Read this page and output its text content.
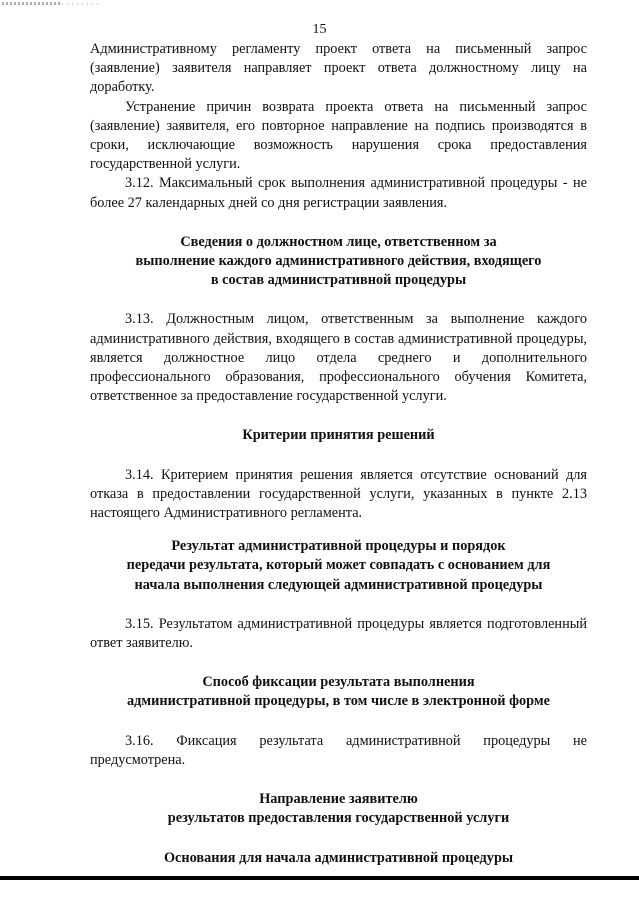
15

Административному регламенту проект ответа на письменный запрос (заявление) заявителя направляет проект ответа должностному лицу на доработку.

Устранение причин возврата проекта ответа на письменный запрос (заявление) заявителя, его повторное направление на подпись производятся в сроки, исключающие возможность нарушения срока предоставления государственной услуги.

3.12. Максимальный срок выполнения административной процедуры - не более 27 календарных дней со дня регистрации заявления.

Сведения о должностном лице, ответственном за
выполнение каждого административного действия, входящего
в состав административной процедуры

3.13. Должностным лицом, ответственным за выполнение каждого административного действия, входящего в состав административной процедуры, является должностное лицо отдела среднего и дополнительного профессионального образования, профессионального обучения Комитета, ответственное за предоставление государственной услуги.

Критерии принятия решений

3.14. Критерием принятия решения является отсутствие оснований для отказа в предоставлении государственной услуги, указанных в пункте 2.13 настоящего Административного регламента.

Результат административной процедуры и порядок
передачи результата, который может совпадать с основанием для
начала выполнения следующей административной процедуры

3.15. Результатом административной процедуры является подготовленный ответ заявителю.

Способ фиксации результата выполнения
административной процедуры, в том числе в электронной форме

3.16. Фиксация результата административной процедуры не предусмотрена.

Направление заявителю
результатов предоставления государственной услуги
Основания для начала административной процедуры
